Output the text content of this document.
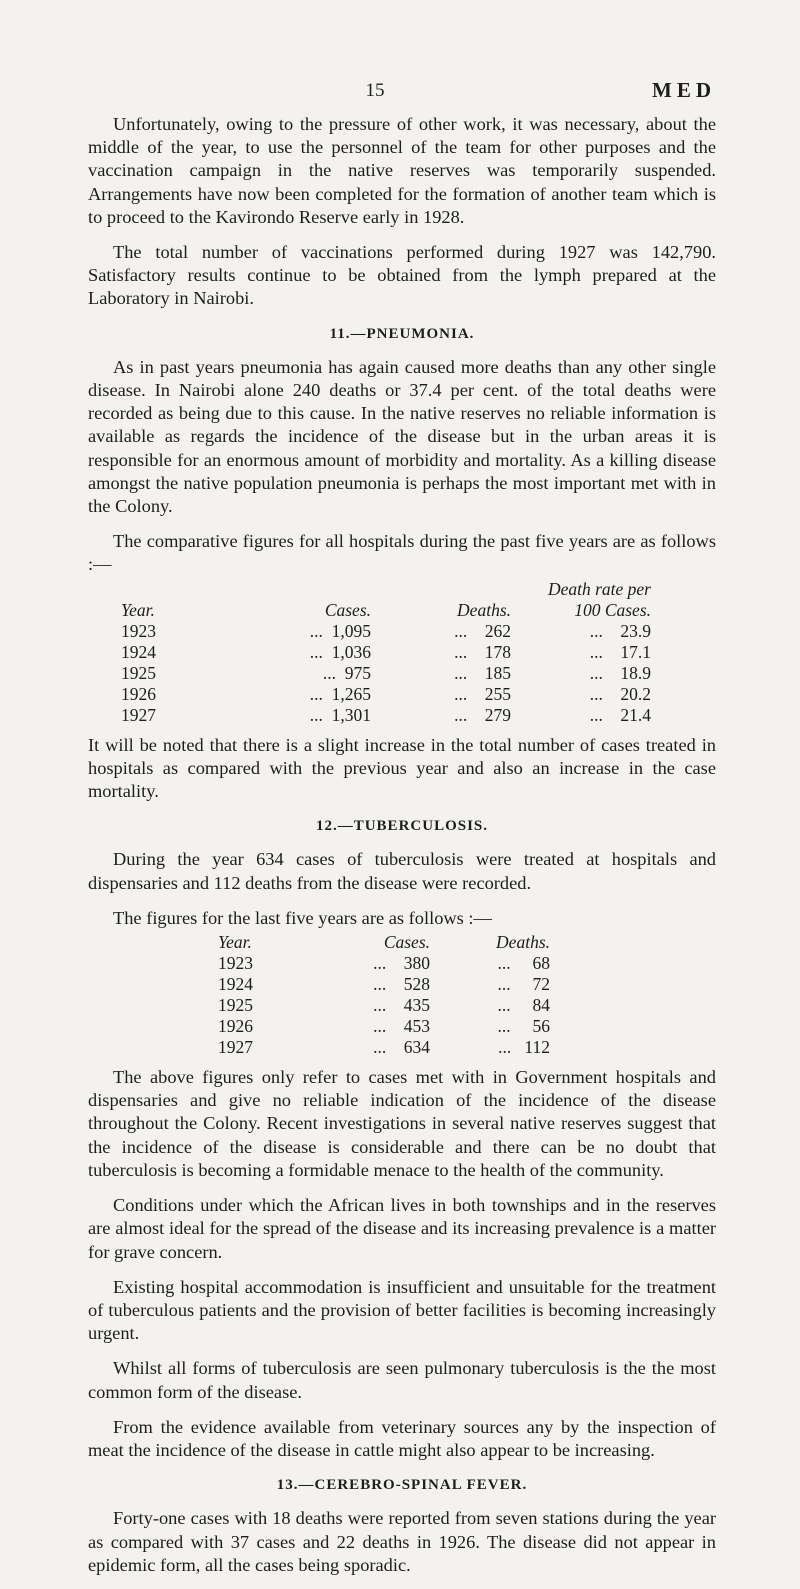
15	MED

Unfortunately, owing to the pressure of other work, it was necessary, about the middle of the year, to use the personnel of the team for other purposes and the vaccination campaign in the native reserves was temporarily suspended. Arrangements have now been completed for the formation of another team which is to proceed to the Kavirondo Reserve early in 1928.

The total number of vaccinations performed during 1927 was 142,790. Satisfactory results continue to be obtained from the lymph prepared at the Laboratory in Nairobi.

11.—PNEUMONIA.

As in past years pneumonia has again caused more deaths than any other single disease. In Nairobi alone 240 deaths or 37.4 per cent. of the total deaths were recorded as being due to this cause. In the native reserves no reliable information is available as regards the incidence of the disease but in the urban areas it is responsible for an enormous amount of morbidity and mortality. As a killing disease amongst the native population pneumonia is perhaps the most important met with in the Colony.

The comparative figures for all hospitals during the past five years are as follows :—

			Death rate per
Year.	Cases.	Deaths.	100 Cases.
1923	... 1,095	... 262	... 23.9
1924	... 1,036	... 178	... 17.1
1925	... 975	... 185	... 18.9
1926	... 1,265	... 255	... 20.2
1927	... 1,301	... 279	... 21.4

It will be noted that there is a slight increase in the total number of cases treated in hospitals as compared with the previous year and also an increase in the case mortality.

12.—TUBERCULOSIS.

During the year 634 cases of tuberculosis were treated at hospitals and dispensaries and 112 deaths from the disease were recorded.

The figures for the last five years are as follows :—

Year.	Cases.	Deaths.
1923	... 380	... 68
1924	... 528	... 72
1925	... 435	... 84
1926	... 453	... 56
1927	... 634	... 112

The above figures only refer to cases met with in Government hospitals and dispensaries and give no reliable indication of the incidence of the disease throughout the Colony. Recent investigations in several native reserves suggest that the incidence of the disease is considerable and there can be no doubt that tuberculosis is becoming a formidable menace to the health of the community.

Conditions under which the African lives in both townships and in the reserves are almost ideal for the spread of the disease and its increasing prevalence is a matter for grave concern.

Existing hospital accommodation is insufficient and unsuitable for the treatment of tuberculous patients and the provision of better facilities is becoming increasingly urgent.

Whilst all forms of tuberculosis are seen pulmonary tuberculosis is the the most common form of the disease.

From the evidence available from veterinary sources any by the inspection of meat the incidence of the disease in cattle might also appear to be increasing.

13.—CEREBRO-SPINAL FEVER.

Forty-one cases with 18 deaths were reported from seven stations during the year as compared with 37 cases and 22 deaths in 1926. The disease did not appear in epidemic form, all the cases being sporadic.
